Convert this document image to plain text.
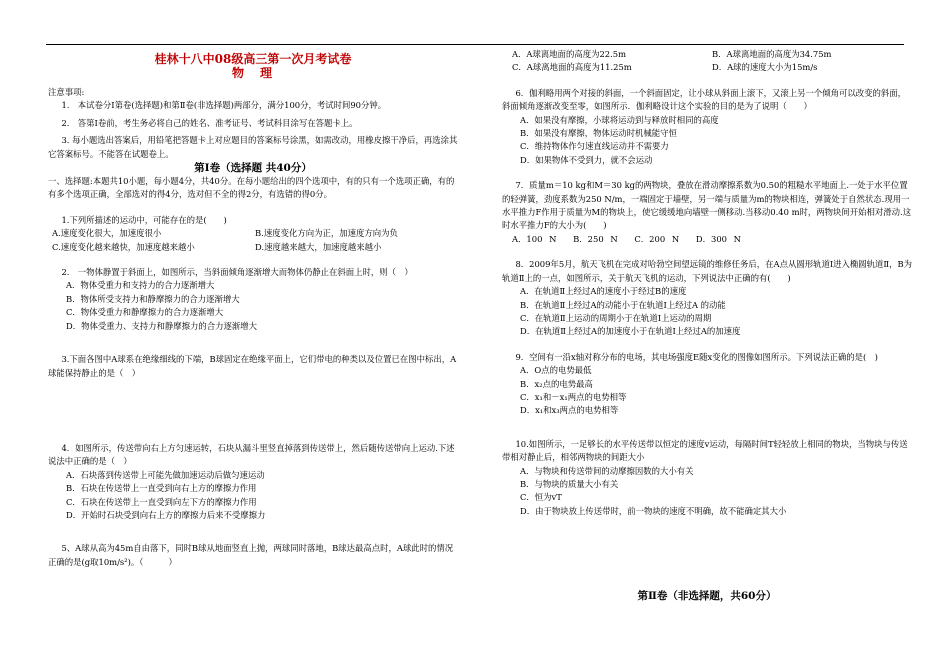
桂林十八中08级高三第一次月考试卷
物　理

注意事项:

1.　本试卷分Ⅰ第卷(选择题)和第Ⅱ卷(非选择题)两部分，满分100分，考试时间90分钟。

2.　答第Ⅰ卷前，考生务必将自己的姓名、准考证号、考试科目涂写在答题卡上。

3. 每小题选出答案后，用铅笔把答题卡上对应题目的答案标号涂黑，如需改动，用橡皮擦干净后，再选涂其它答案标号。不能答在试题卷上。

第Ⅰ卷（选择题 共40分）

一、选择题:本题共10小题，每小题4分，共40分。在每小题给出的四个选项中，有的只有一个选项正确，有的有多个选项正确，全部选对的得4分，选对但不全的得2分，有选错的得0分。

1.下列所描述的运动中，可能存在的是(　　)

A.速度变化很大，加速度很小	B.速度变化方向为正，加速度方向为负
C.速度变化越来越快，加速度越来越小	D.速度越来越大，加速度越来越小

2.　一物体静置于斜面上，如图所示，当斜面倾角逐渐增大而物体仍静止在斜面上时，则（　）

A．物体受重力和支持力的合力逐渐增大

B．物体所受支持力和静摩擦力的合力逐渐增大

C．物体受重力和静摩擦力的合力逐渐增大

D．物体受重力、支持力和静摩擦力的合力逐渐增大

3.下面各图中A球系在绝缘细线的下端，B球固定在绝缘平面上，它们带电的种类以及位置已在图中标出，A球能保持静止的是（　）

4．如图所示，传送带向右上方匀速运转，石块从漏斗里竖直掉落到传送带上，然后随传送带向上运动.下述说法中正确的是（　）

A．石块落到传送带上可能先做加速运动后做匀速运动

B．石块在传送带上一直受到向右上方的摩擦力作用

C．石块在传送带上一直受到向左下方的摩擦力作用

D．开始时石块受到向右上方的摩擦力后来不受摩擦力

5、A球从高为45m自由落下，同时B球从地面竖直上抛，两球同时落地，B球达最高点时，A球此时的情况正确的是(g取10m/s²)。（　　　）

A．A球离地面的高度为22.5m	B．A球离地面的高度为34.75m
C．A球离地面的高度为11.25m	D．A球的速度大小为15m/s

6．伽利略用两个对接的斜面，一个斜面固定，让小球从斜面上滚下，又滚上另一个倾角可以改变的斜面，斜面倾角逐渐改变至零，如图所示．伽利略设计这个实验的目的是为了说明（　　）

A．如果没有摩擦，小球将运动到与释放时相同的高度

B．如果没有摩擦，物体运动时机械能守恒

C．维持物体作匀速直线运动并不需要力

D．如果物体不受到力，就不会运动

7．质量m＝10 kg和M＝30 kg的两物块，叠放在滑动摩擦系数为0.50的粗糙水平地面上.一处于水平位置的轻弹簧，劲度系数为250 N/m，一端固定于墙壁，另一端与质量为m的物块相连，弹簧处于自然状态.现用一水平推力F作用于质量为M的物块上，使它缓缓地向墙壁一侧移动.当移动0.40 m时，两物块间开始相对滑动.这时水平推力F的大小为(　　)

A．100 N　　B．250 N　　C．200 N　　D．300 N

8．2009年5月，航天飞机在完成对哈勃空间望远镜的维修任务后，在A点从圆形轨道Ⅰ进入椭圆轨道Ⅱ，B为轨道Ⅱ上的一点，如图所示，关于航天飞机的运动，下列说法中正确的有(　　)

A．在轨道Ⅱ上经过A的速度小于经过B的速度

B．在轨道Ⅱ上经过A的动能小于在轨道Ⅰ上经过A 的动能

C．在轨道Ⅱ上运动的周期小于在轨道Ⅰ上运动的周期

D．在轨道Ⅱ上经过A的加速度小于在轨道Ⅰ上经过A的加速度

9．空间有一沿x轴对称分布的电场，其电场强度E随x变化的图像如图所示。下列说法正确的是(　)

A．O点的电势最低

B．x₂点的电势最高

C．x₁和－x₁两点的电势相等

D．x₁和x₃两点的电势相等

10.如图所示，一足够长的水平传送带以恒定的速度v运动，每隔时间T轻轻放上相同的物块，当物块与传送带相对静止后，相邻两物块的间距大小

A．与物块和传送带间的动摩擦因数的大小有关

B．与物块的质量大小有关

C．恒为vT

D．由于物块放上传送带时，前一物块的速度不明确，故不能确定其大小

第Ⅱ卷（非选择题，共60分）
